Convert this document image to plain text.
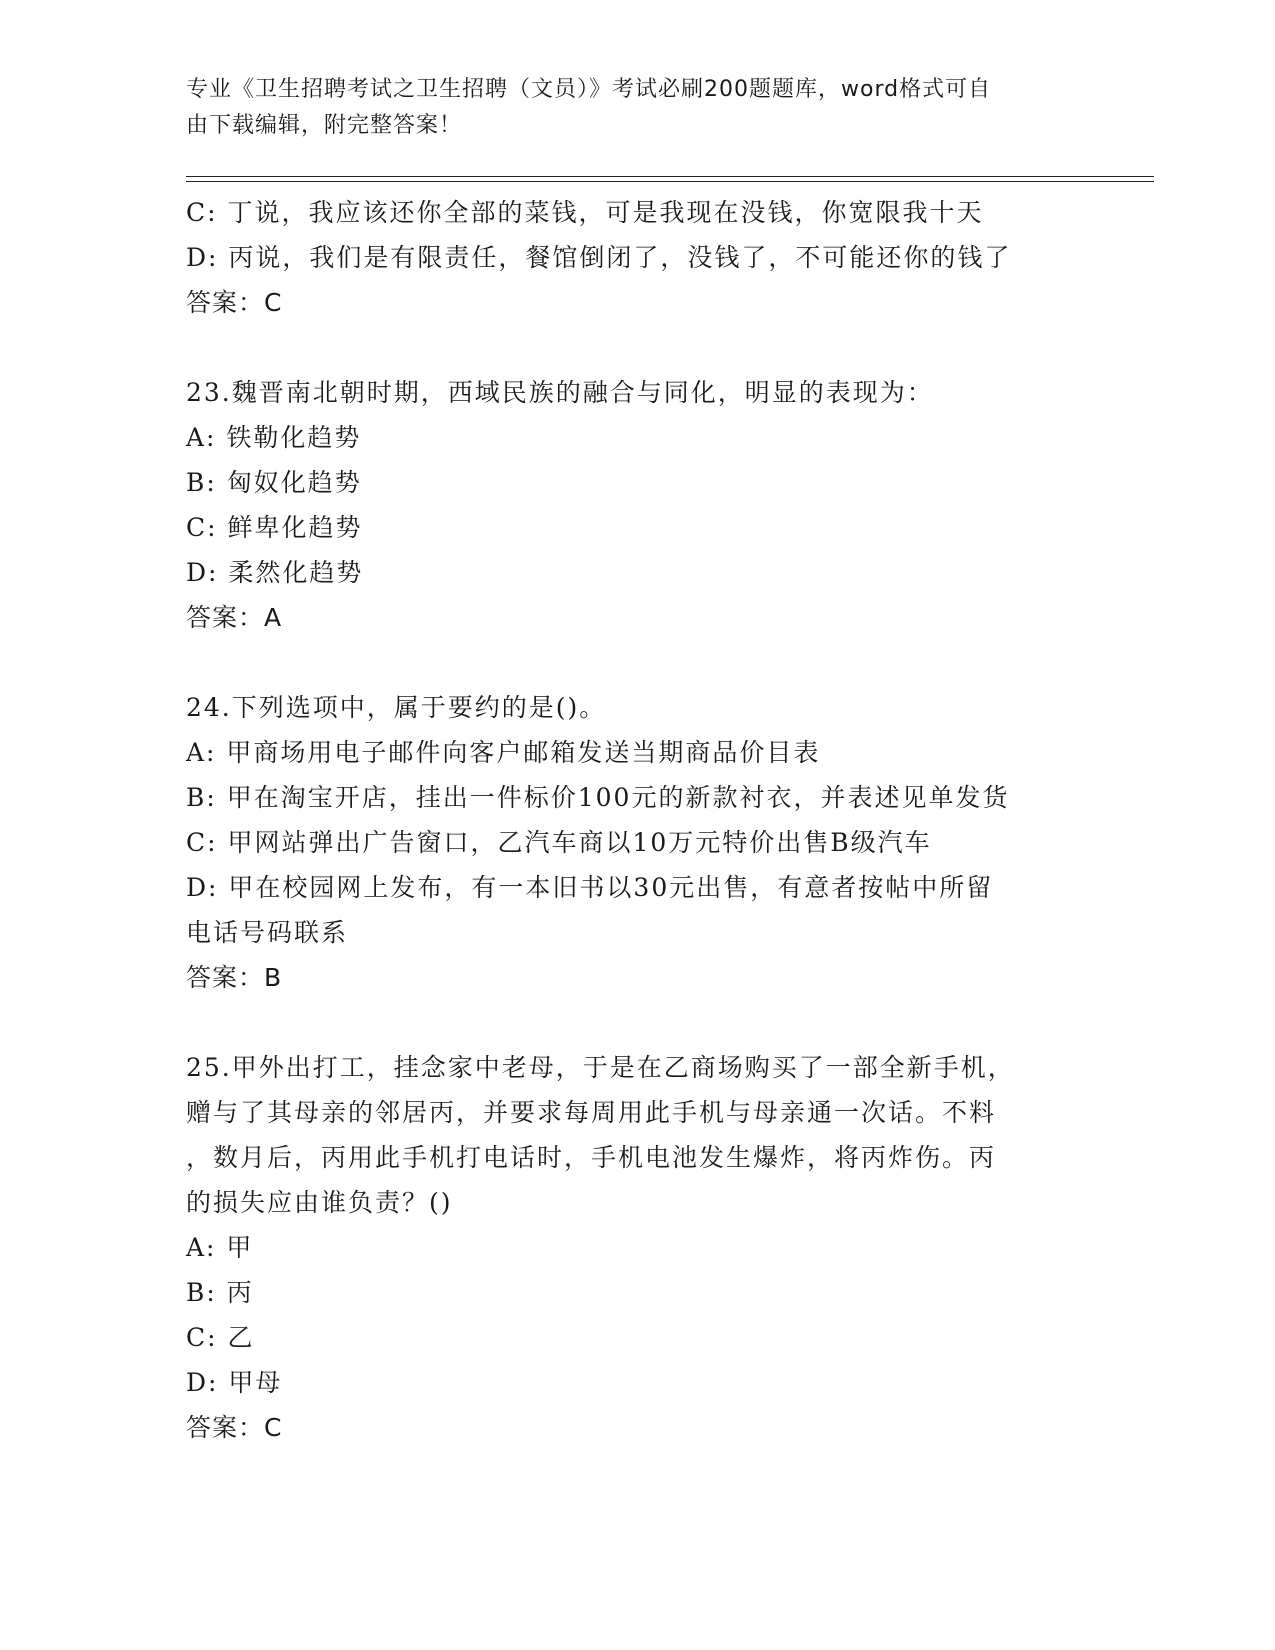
专业《卫生招聘考试之卫生招聘（文员）》考试必刷200题题库，word格式可自
由下载编辑，附完整答案！
C: 丁说，我应该还你全部的菜钱，可是我现在没钱，你宽限我十天
D: 丙说，我们是有限责任，餐馆倒闭了，没钱了，不可能还你的钱了
答案：C
23.魏晋南北朝时期，西域民族的融合与同化，明显的表现为：
A: 铁勒化趋势
B: 匈奴化趋势
C: 鲜卑化趋势
D: 柔然化趋势
答案：A
24.下列选项中，属于要约的是()。
A: 甲商场用电子邮件向客户邮箱发送当期商品价目表
B: 甲在淘宝开店，挂出一件标价100元的新款衬衣，并表述见单发货
C: 甲网站弹出广告窗口，乙汽车商以10万元特价出售B级汽车
D: 甲在校园网上发布，有一本旧书以30元出售，有意者按帖中所留
电话号码联系
答案：B
25.甲外出打工，挂念家中老母，于是在乙商场购买了一部全新手机，
赠与了其母亲的邻居丙，并要求每周用此手机与母亲通一次话。不料
，数月后，丙用此手机打电话时，手机电池发生爆炸，将丙炸伤。丙
的损失应由谁负责？()
A: 甲
B: 丙
C: 乙
D: 甲母
答案：C
